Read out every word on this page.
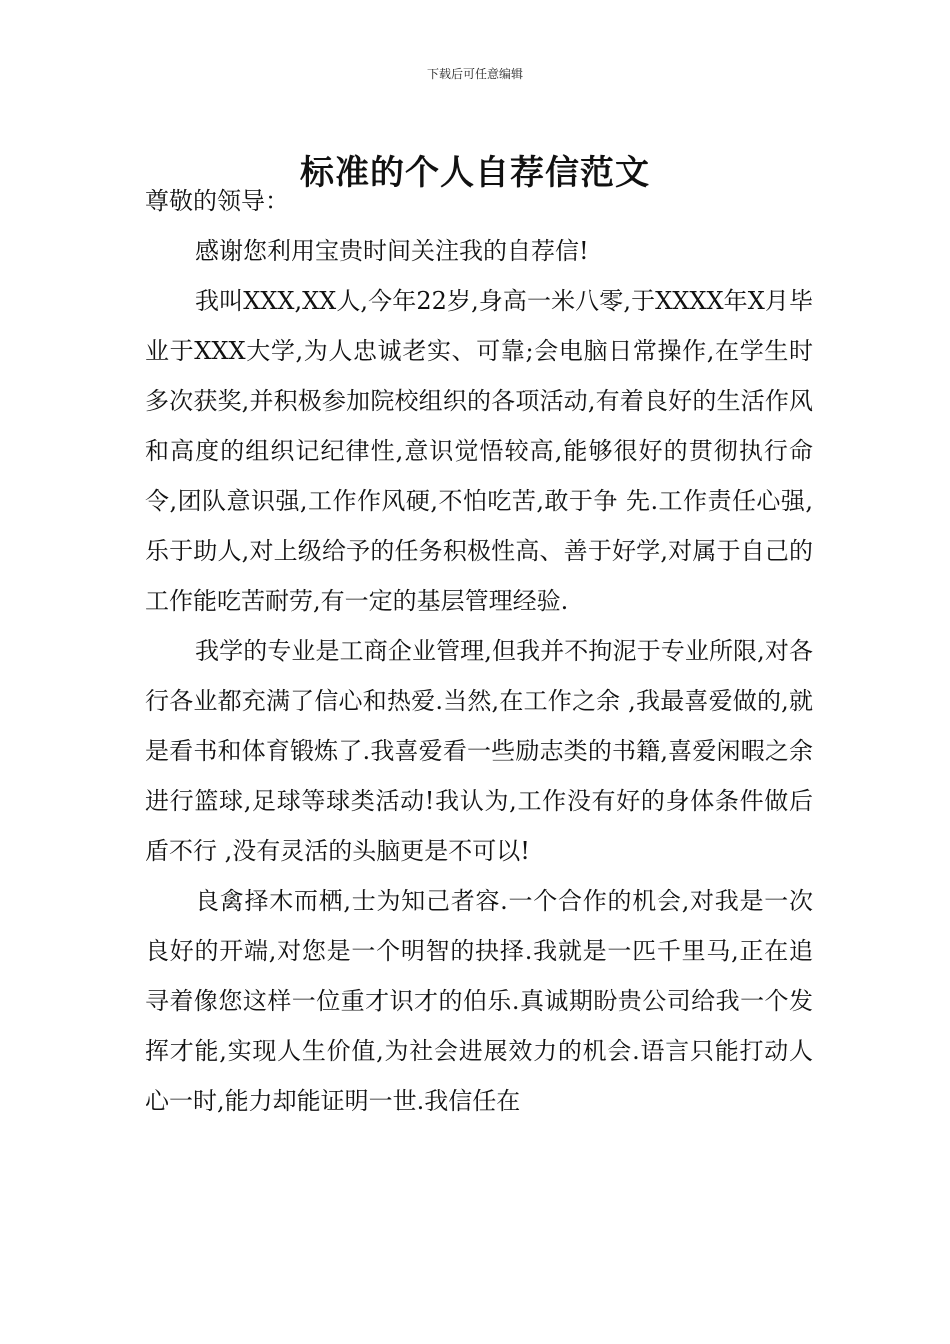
下载后可任意编辑
标准的个人自荐信范文

尊敬的领导：

感谢您利用宝贵时间关注我的自荐信!

我叫XXX,XX人,今年22岁,身高一米八零,于XXXX年X月毕业于XXX大学,为人忠诚老实、可靠;会电脑日常操作,在学生时多次获奖,并积极参加院校组织的各项活动,有着良好的生活作风和高度的组织记纪律性,意识觉悟较高,能够很好的贯彻执行命令,团队意识强,工作作风硬,不怕吃苦,敢于争 先.工作责任心强,乐于助人,对上级给予的任务积极性高、善于好学,对属于自己的工作能吃苦耐劳,有一定的基层管理经验.

我学的专业是工商企业管理,但我并不拘泥于专业所限,对各行各业都充满了信心和热爱.当然,在工作之余 ,我最喜爱做的,就是看书和体育锻炼了.我喜爱看一些励志类的书籍,喜爱闲暇之余进行篮球,足球等球类活动!我认为,工作没有好的身体条件做后盾不行 ,没有灵活的头脑更是不可以!

良禽择木而栖,士为知己者容.一个合作的机会,对我是一次良好的开端,对您是一个明智的抉择.我就是一匹千里马,正在追寻着像您这样一位重才识才的伯乐.真诚期盼贵公司给我一个发挥才能,实现人生价值,为社会进展效力的机会.语言只能打动人心一时,能力却能证明一世.我信任在
